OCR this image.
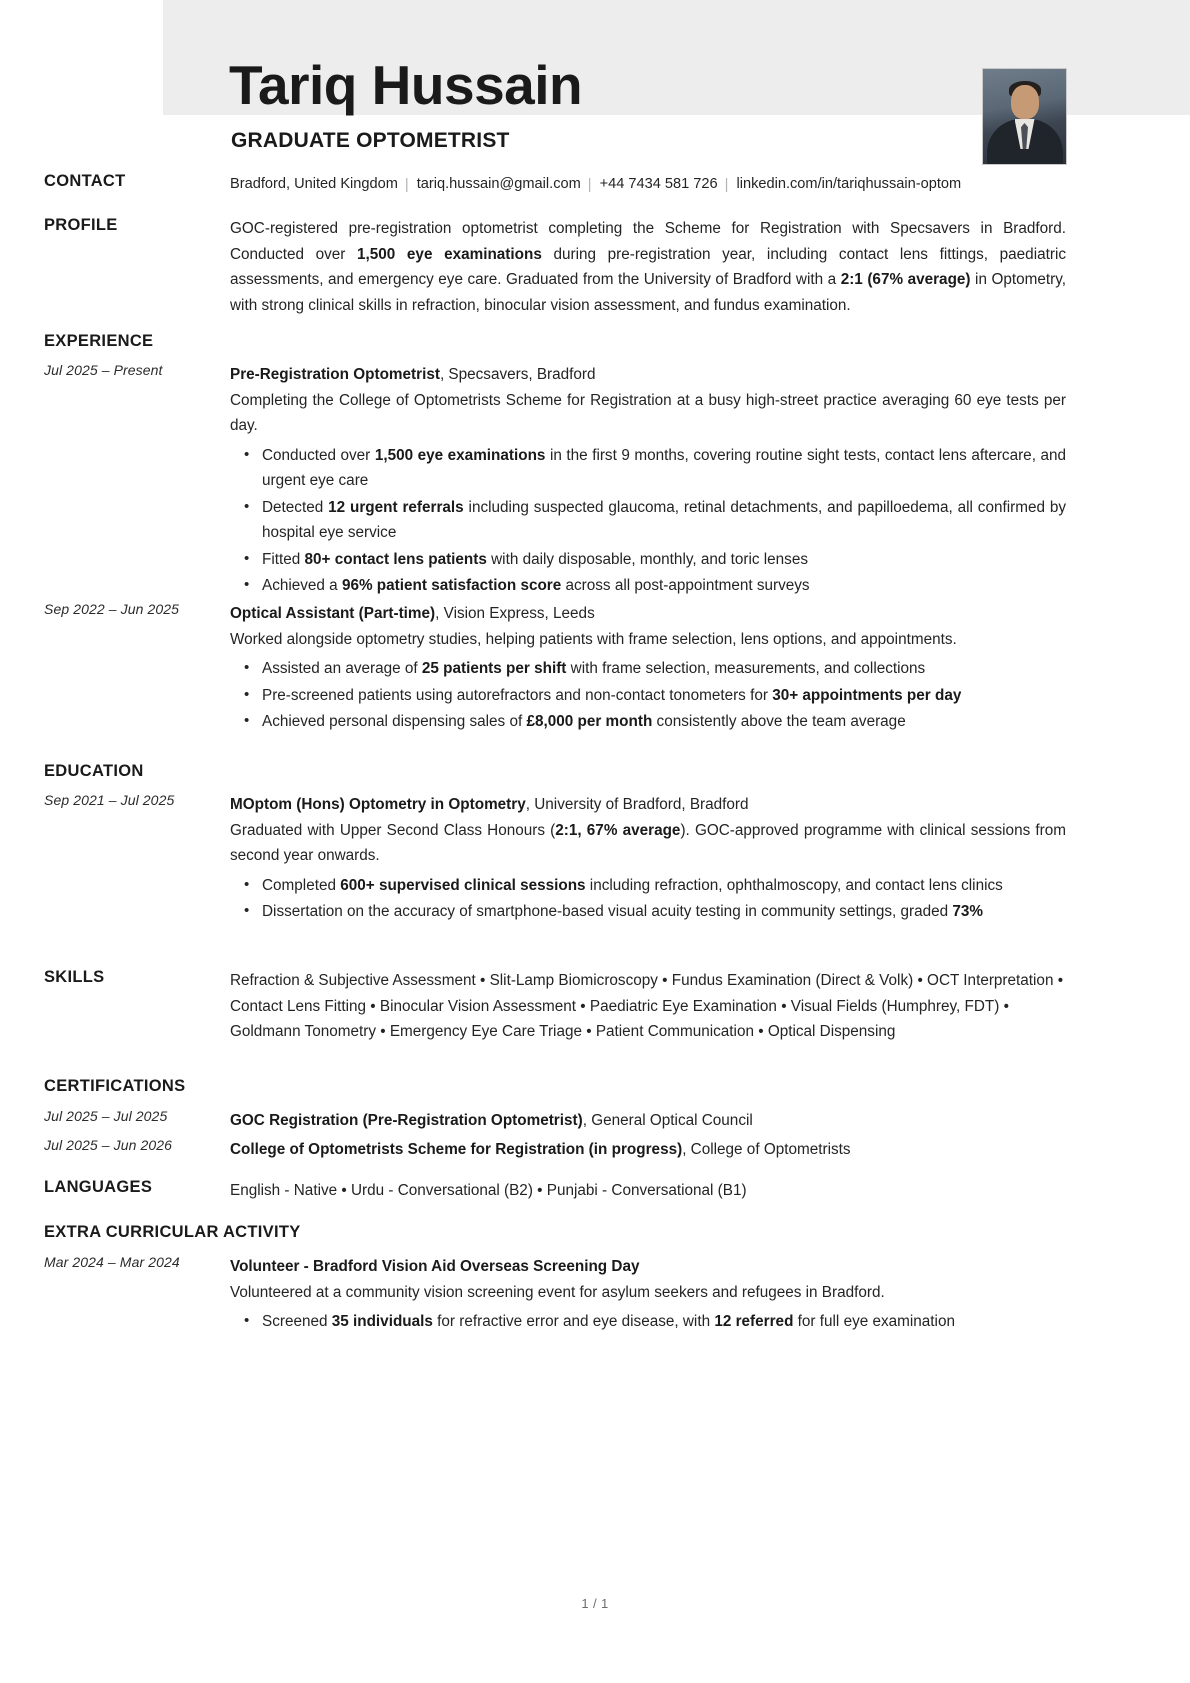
Tariq Hussain
GRADUATE OPTOMETRIST
CONTACT	Bradford, United Kingdom | tariq.hussain@gmail.com | +44 7434 581 726 | linkedin.com/in/tariqhussain-optom
PROFILE	GOC-registered pre-registration optometrist completing the Scheme for Registration with Specsavers in Bradford. Conducted over 1,500 eye examinations during pre-registration year, including contact lens fittings, paediatric assessments, and emergency eye care. Graduated from the University of Bradford with a 2:1 (67% average) in Optometry, with strong clinical skills in refraction, binocular vision assessment, and fundus examination.
EXPERIENCE
Jul 2025 – Present	Pre-Registration Optometrist, Specsavers, Bradford
Completing the College of Optometrists Scheme for Registration at a busy high-street practice averaging 60 eye tests per day.
• Conducted over 1,500 eye examinations in the first 9 months, covering routine sight tests, contact lens aftercare, and urgent eye care
• Detected 12 urgent referrals including suspected glaucoma, retinal detachments, and papilloedema, all confirmed by hospital eye service
• Fitted 80+ contact lens patients with daily disposable, monthly, and toric lenses
• Achieved a 96% patient satisfaction score across all post-appointment surveys
Sep 2022 – Jun 2025	Optical Assistant (Part-time), Vision Express, Leeds
Worked alongside optometry studies, helping patients with frame selection, lens options, and appointments.
• Assisted an average of 25 patients per shift with frame selection, measurements, and collections
• Pre-screened patients using autorefractors and non-contact tonometers for 30+ appointments per day
• Achieved personal dispensing sales of £8,000 per month consistently above the team average
EDUCATION
Sep 2021 – Jul 2025	MOptom (Hons) Optometry in Optometry, University of Bradford, Bradford
Graduated with Upper Second Class Honours (2:1, 67% average). GOC-approved programme with clinical sessions from second year onwards.
• Completed 600+ supervised clinical sessions including refraction, ophthalmoscopy, and contact lens clinics
• Dissertation on the accuracy of smartphone-based visual acuity testing in community settings, graded 73%
SKILLS	Refraction & Subjective Assessment • Slit-Lamp Biomicroscopy • Fundus Examination (Direct & Volk) • OCT Interpretation • Contact Lens Fitting • Binocular Vision Assessment • Paediatric Eye Examination • Visual Fields (Humphrey, FDT) • Goldmann Tonometry • Emergency Eye Care Triage • Patient Communication • Optical Dispensing
CERTIFICATIONS
Jul 2025 – Jul 2025	GOC Registration (Pre-Registration Optometrist), General Optical Council
Jul 2025 – Jun 2026	College of Optometrists Scheme for Registration (in progress), College of Optometrists
LANGUAGES	English - Native • Urdu - Conversational (B2) • Punjabi - Conversational (B1)
EXTRA CURRICULAR ACTIVITY
Mar 2024 – Mar 2024	Volunteer - Bradford Vision Aid Overseas Screening Day
Volunteered at a community vision screening event for asylum seekers and refugees in Bradford.
• Screened 35 individuals for refractive error and eye disease, with 12 referred for full eye examination
1 / 1
